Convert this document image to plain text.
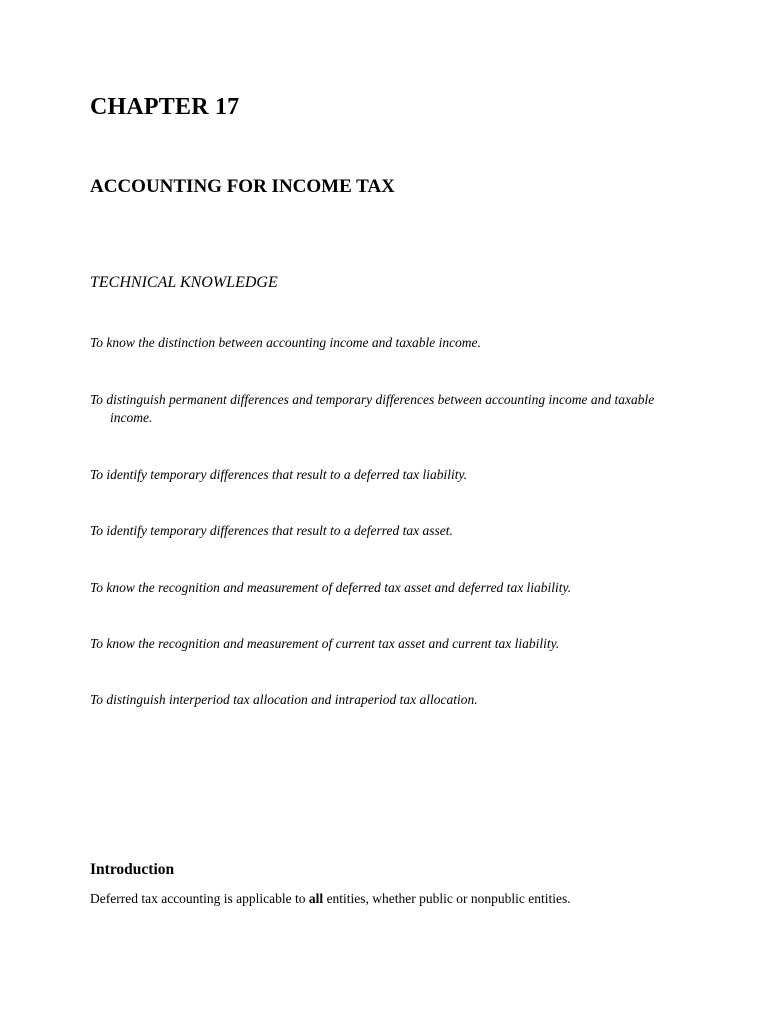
CHAPTER 17
ACCOUNTING FOR INCOME TAX
TECHNICAL KNOWLEDGE

To know the distinction between accounting income and taxable income.

To distinguish permanent differences and temporary differences between accounting income and taxable income.

To identify temporary differences that result to a deferred tax liability.

To identify temporary differences that result to a deferred tax asset.

To know the recognition and measurement of deferred tax asset and deferred tax liability.

To know the recognition and measurement of current tax asset and current tax liability.

To distinguish interperiod tax allocation and intraperiod tax allocation.

Introduction

Deferred tax accounting is applicable to all entities, whether public or nonpublic entities.
